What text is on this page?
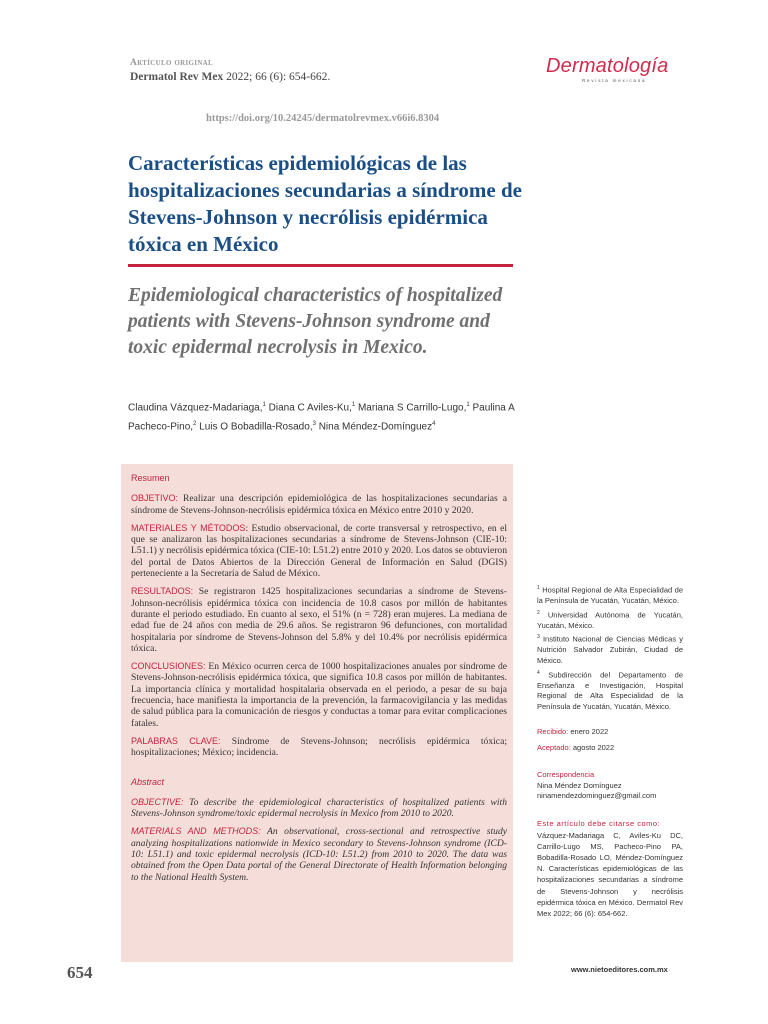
Artículo original
Dermatol Rev Mex 2022; 66 (6): 654-662.	Dermatología
Revista mexicana
https://doi.org/10.24245/dermatolrevmex.v66i6.8304
Características epidemiológicas de las hospitalizaciones secundarias a síndrome de Stevens-Johnson y necrólisis epidérmica tóxica en México
Epidemiological characteristics of hospitalized patients with Stevens-Johnson syndrome and toxic epidermal necrolysis in Mexico.
Claudina Vázquez-Madariaga,$^1$ Diana C Aviles-Ku,$^1$ Mariana S Carrillo-Lugo,$^1$ Paulina A Pacheco-Pino,$^2$ Luis O Bobadilla-Rosado,$^3$ Nina Méndez-Domínguez$^4$
Resumen

OBJETIVO: Realizar una descripción epidemiológica de las hospitalizaciones secundarias a síndrome de Stevens-Johnson-necrólisis epidérmica tóxica en México entre 2010 y 2020.

MATERIALES Y MÉTODOS: Estudio observacional, de corte transversal y retrospectivo, en el que se analizaron las hospitalizaciones secundarias a síndrome de Stevens-Johnson (CIE-10: L51.1) y necrólisis epidérmica tóxica (CIE-10: L51.2) entre 2010 y 2020. Los datos se obtuvieron del portal de Datos Abiertos de la Dirección General de Información en Salud (DGIS) perteneciente a la Secretaría de Salud de México.

RESULTADOS: Se registraron 1425 hospitalizaciones secundarias a síndrome de Stevens-Johnson-necrólisis epidérmica tóxica con incidencia de 10.8 casos por millón de habitantes durante el periodo estudiado. En cuanto al sexo, el 51% (n = 728) eran mujeres. La mediana de edad fue de 24 años con media de 29.6 años. Se registraron 96 defunciones, con mortalidad hospitalaria por síndrome de Stevens-Johnson del 5.8% y del 10.4% por necrólisis epidérmica tóxica.

CONCLUSIONES: En México ocurren cerca de 1000 hospitalizaciones anuales por síndrome de Stevens-Johnson-necrólisis epidérmica tóxica, que significa 10.8 casos por millón de habitantes. La importancia clínica y mortalidad hospitalaria observada en el periodo, a pesar de su baja frecuencia, hace manifiesta la importancia de la prevención, la farmacovigilancia y las medidas de salud pública para la comunicación de riesgos y conductas a tomar para evitar complicaciones fatales.

PALABRAS CLAVE: Síndrome de Stevens-Johnson; necrólisis epidérmica tóxica; hospitalizaciones; México; incidencia.

Abstract

OBJECTIVE: To describe the epidemiological characteristics of hospitalized patients with Stevens-Johnson syndrome/toxic epidermal necrolysis in Mexico from 2010 to 2020.

MATERIALS AND METHODS: An observational, cross-sectional and retrospective study analyzing hospitalizations nationwide in Mexico secondary to Stevens-Johnson syndrome (ICD-10: L51.1) and toxic epidermal necrolysis (ICD-10: L51.2) from 2010 to 2020. The data was obtained from the Open Data portal of the General Directorate of Health Information belonging to the National Health System.

$^1$ Hospital Regional de Alta Especialidad de la Península de Yucatán, Yucatán, México.

$^2$ Universidad Autónoma de Yucatán, Yucatán, México.

$^3$ Instituto Nacional de Ciencias Médicas y Nutrición Salvador Zubirán, Ciudad de México.

$^4$ Subdirección del Departamento de Enseñanza e Investigación, Hospital Regional de Alta Especialidad de la Península de Yucatán, Yucatán, México.

Recibido: enero 2022
Aceptado: agosto 2022
Correspondencia
Nina Méndez Domínguez
ninamendezdominguez@gmail.com
Este artículo debe citarse como:
Vázquez-Madariaga C, Aviles-Ku DC, Carrillo-Lugo MS, Pacheco-Pino PA, Bobadilla-Rosado LO, Méndez-Domínguez N. Características epidemiológicas de las hospitalizaciones secundarias a síndrome de Stevens-Johnson y necrólisis epidérmica tóxica en México. Dermatol Rev Mex 2022; 66 (6): 654-662.
654	www.nietoeditores.com.mx
